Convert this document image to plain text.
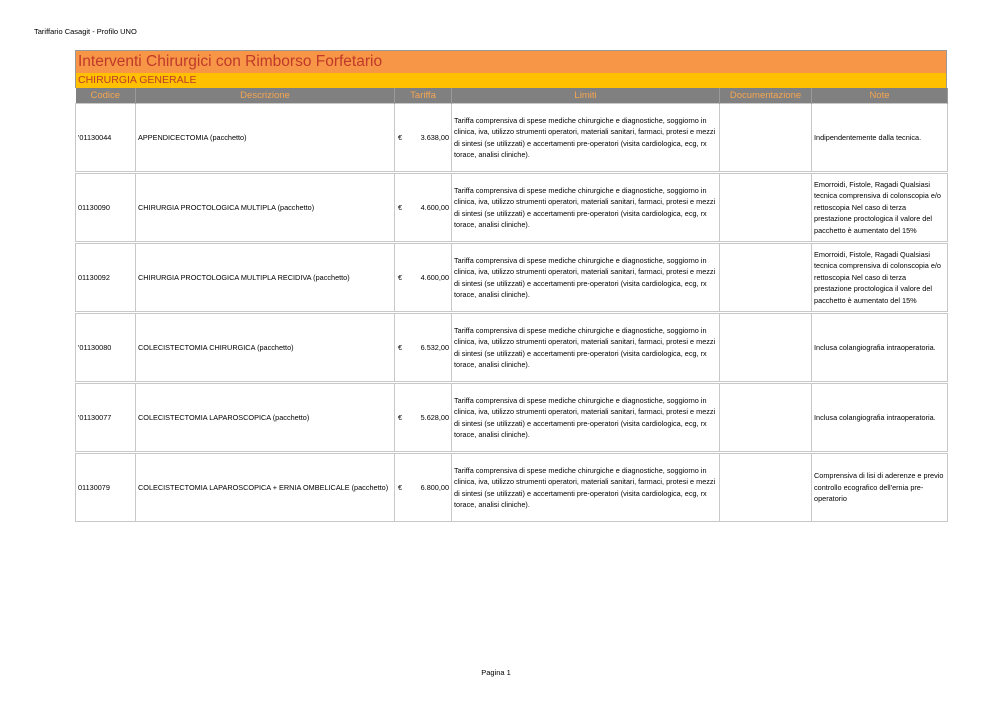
Tariffario Casagit - Profilo UNO
Interventi Chirurgici con Rimborso Forfetario
CHIRURGIA GENERALE
Codice	Descrizione	Tariffa		Limiti	Documentazione	Note
'01130044	APPENDICECTOMIA (pacchetto)	€	3.638,00	Tariffa comprensiva di spese mediche chirurgiche e diagnostiche, soggiorno in clinica, iva, utilizzo strumenti operatori, materiali sanitari, farmaci, protesi e mezzi di sintesi (se utilizzati) e accertamenti pre-operatori (visita cardiologica, ecg, rx torace, analisi cliniche).		Indipendentemente dalla tecnica.

01130090	CHIRURGIA PROCTOLOGICA MULTIPLA (pacchetto)	€	4.600,00	Tariffa comprensiva di spese mediche chirurgiche e diagnostiche, soggiorno in clinica, iva, utilizzo strumenti operatori, materiali sanitari, farmaci, protesi e mezzi di sintesi (se utilizzati) e accertamenti pre-operatori (visita cardiologica, ecg, rx torace, analisi cliniche).		Emorroidi, Fistole, Ragadi Qualsiasi tecnica comprensiva di colonscopia e/o rettoscopia Nel caso di terza prestazione proctologica il valore del pacchetto è aumentato del 15%

01130092	CHIRURGIA PROCTOLOGICA MULTIPLA RECIDIVA (pacchetto)	€	4.600,00	Tariffa comprensiva di spese mediche chirurgiche e diagnostiche, soggiorno in clinica, iva, utilizzo strumenti operatori, materiali sanitari, farmaci, protesi e mezzi di sintesi (se utilizzati) e accertamenti pre-operatori (visita cardiologica, ecg, rx torace, analisi cliniche).		Emorroidi, Fistole, Ragadi Qualsiasi tecnica comprensiva di colonscopia e/o rettoscopia Nel caso di terza prestazione proctologica il valore del pacchetto è aumentato del 15%

'01130080	COLECISTECTOMIA CHIRURGICA (pacchetto)	€	6.532,00	Tariffa comprensiva di spese mediche chirurgiche e diagnostiche, soggiorno in clinica, iva, utilizzo strumenti operatori, materiali sanitari, farmaci, protesi e mezzi di sintesi (se utilizzati) e accertamenti pre-operatori (visita cardiologica, ecg, rx torace, analisi cliniche).		Inclusa colangiografia intraoperatoria.

'01130077	COLECISTECTOMIA LAPAROSCOPICA (pacchetto)	€	5.628,00	Tariffa comprensiva di spese mediche chirurgiche e diagnostiche, soggiorno in clinica, iva, utilizzo strumenti operatori, materiali sanitari, farmaci, protesi e mezzi di sintesi (se utilizzati) e accertamenti pre-operatori (visita cardiologica, ecg, rx torace, analisi cliniche).		Inclusa colangiografia intraoperatoria.

01130079	COLECISTECTOMIA LAPAROSCOPICA + ERNIA OMBELICALE (pacchetto)	€	6.800,00	Tariffa comprensiva di spese mediche chirurgiche e diagnostiche, soggiorno in clinica, iva, utilizzo strumenti operatori, materiali sanitari, farmaci, protesi e mezzi di sintesi (se utilizzati) e accertamenti pre-operatori (visita cardiologica, ecg, rx torace, analisi cliniche).		Comprensiva di lisi di aderenze e previo controllo ecografico dell'ernia pre-operatorio
Pagina 1
